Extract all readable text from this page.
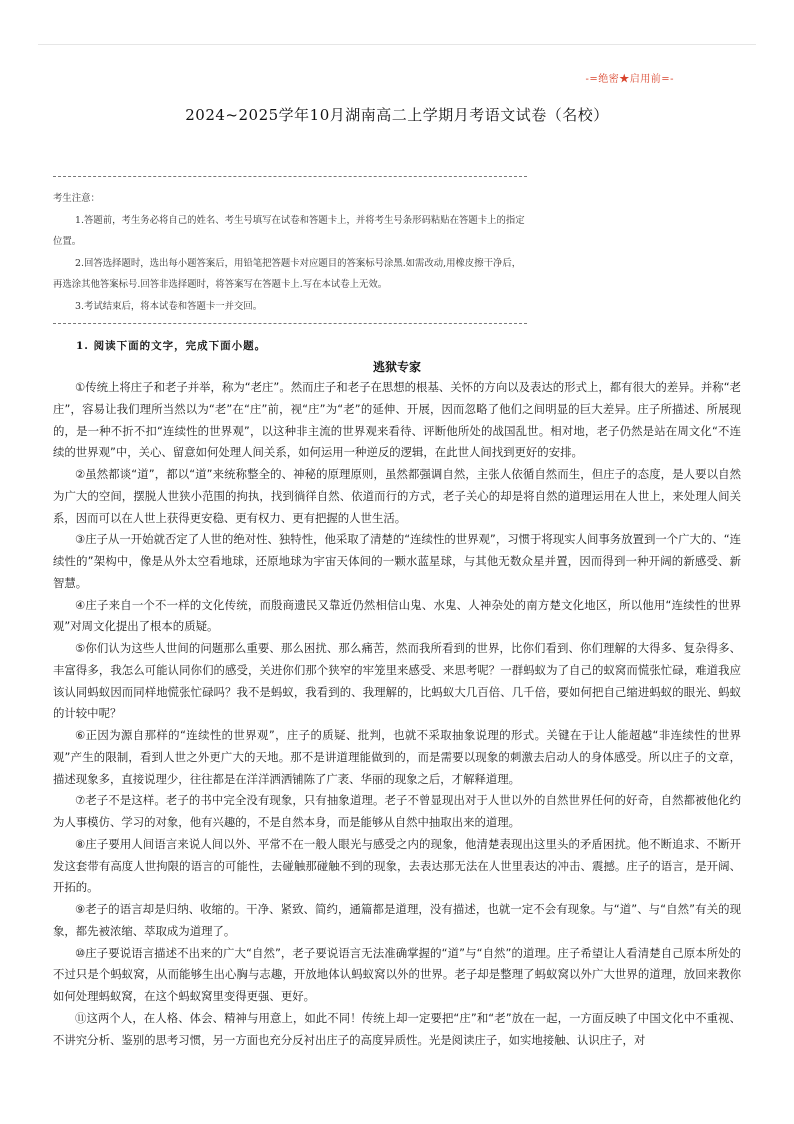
-=绝密★启用前=-
2024~2025学年10月湖南高二上学期月考语文试卷（名校）

考生注意：

1.答题前，考生务必将自己的姓名、考生号填写在试卷和答题卡上，并将考生号条形码粘贴在答题卡上的指定位置。

2.回答选择题时，选出每小题答案后，用铅笔把答题卡对应题目的答案标号涂黑.如需改动,用橡皮擦干净后，再选涂其他答案标号.回答非选择题时，将答案写在答题卡上.写在本试卷上无效。

3.考试结束后，将本试卷和答题卡一并交回。

1. 阅读下面的文字，完成下面小题。
逃狱专家

①传统上将庄子和老子并举，称为“老庄”。然而庄子和老子在思想的根基、关怀的方向以及表达的形式上，都有很大的差异。并称“老庄”，容易让我们理所当然以为“老”在“庄”前，视“庄”为“老”的延伸、开展，因而忽略了他们之间明显的巨大差异。庄子所描述、所展现的，是一种不折不扣“连续性的世界观”，以这种非主流的世界观来看待、评断他所处的战国乱世。相对地，老子仍然是站在周文化“不连续的世界观”中，关心、留意如何处理人间关系，如何运用一种逆反的逻辑，在此世人间找到更好的安排。

②虽然都谈“道”，都以“道”来统称整全的、神秘的原理原则，虽然都强调自然，主张人依循自然而生，但庄子的态度，是人要以自然为广大的空间，摆脱人世狭小范围的拘执，找到徜徉自然、依道而行的方式，老子关心的却是将自然的道理运用在人世上，来处理人间关系，因而可以在人世上获得更安稳、更有权力、更有把握的人世生活。

③庄子从一开始就否定了人世的绝对性、独特性，他采取了清楚的“连续性的世界观”，习惯于将现实人间事务放置到一个广大的、“连续性的”架构中，像是从外太空看地球，还原地球为宇宙天体间的一颗水蓝星球，与其他无数众星并置，因而得到一种开阔的新感受、新智慧。

④庄子来自一个不一样的文化传统，而殷商遗民又靠近仍然相信山鬼、水鬼、人神杂处的南方楚文化地区，所以他用“连续性的世界观”对周文化提出了根本的质疑。

⑤你们认为这些人世间的问题那么重要、那么困扰、那么痛苦，然而我所看到的世界，比你们看到、你们理解的大得多、复杂得多、丰富得多，我怎么可能认同你们的感受，关进你们那个狭窄的牢笼里来感受、来思考呢？一群蚂蚁为了自己的蚁窝而慌张忙碌，难道我应该认同蚂蚁因而同样地慌张忙碌吗？我不是蚂蚁，我看到的、我理解的，比蚂蚁大几百倍、几千倍，要如何把自己缩进蚂蚁的眼光、蚂蚁的计较中呢？

⑥正因为源自那样的“连续性的世界观”，庄子的质疑、批判，也就不采取抽象说理的形式。关键在于让人能超越“非连续性的世界观”产生的限制，看到人世之外更广大的天地。那不是讲道理能做到的，而是需要以现象的刺激去启动人的身体感受。所以庄子的文章，描述现象多，直接说理少，往往都是在洋洋洒洒铺陈了广袤、华丽的现象之后，才解释道理。

⑦老子不是这样。老子的书中完全没有现象，只有抽象道理。老子不曾显现出对于人世以外的自然世界任何的好奇，自然都被他化约为人事模仿、学习的对象，他有兴趣的，不是自然本身，而是能够从自然中抽取出来的道理。

⑧庄子要用人间语言来说人间以外、平常不在一般人眼光与感受之内的现象，他清楚表现出这里头的矛盾困扰。他不断追求、不断开发这套带有高度人世拘限的语言的可能性，去碰触那碰触不到的现象，去表达那无法在人世里表达的冲击、震撼。庄子的语言，是开阔、开拓的。

⑨老子的语言却是归纳、收缩的。干净、紧致、简约，通篇都是道理，没有描述，也就一定不会有现象。与“道”、与“自然”有关的现象，都先被浓缩、萃取成为道理了。

⑩庄子要说语言描述不出来的广大“自然”，老子要说语言无法准确掌握的“道”与“自然”的道理。庄子希望让人看清楚自己原本所处的不过只是个蚂蚁窝，从而能够生出心胸与志趣，开放地体认蚂蚁窝以外的世界。老子却是整理了蚂蚁窝以外广大世界的道理，放回来教你如何处理蚂蚁窝，在这个蚂蚁窝里变得更强、更好。

⑪这两个人，在人格、体会、精神与用意上，如此不同！传统上却一定要把“庄”和“老”放在一起，一方面反映了中国文化中不重视、不讲究分析、鉴别的思考习惯，另一方面也充分反衬出庄子的高度异质性。光是阅读庄子，如实地接触、认识庄子，对
